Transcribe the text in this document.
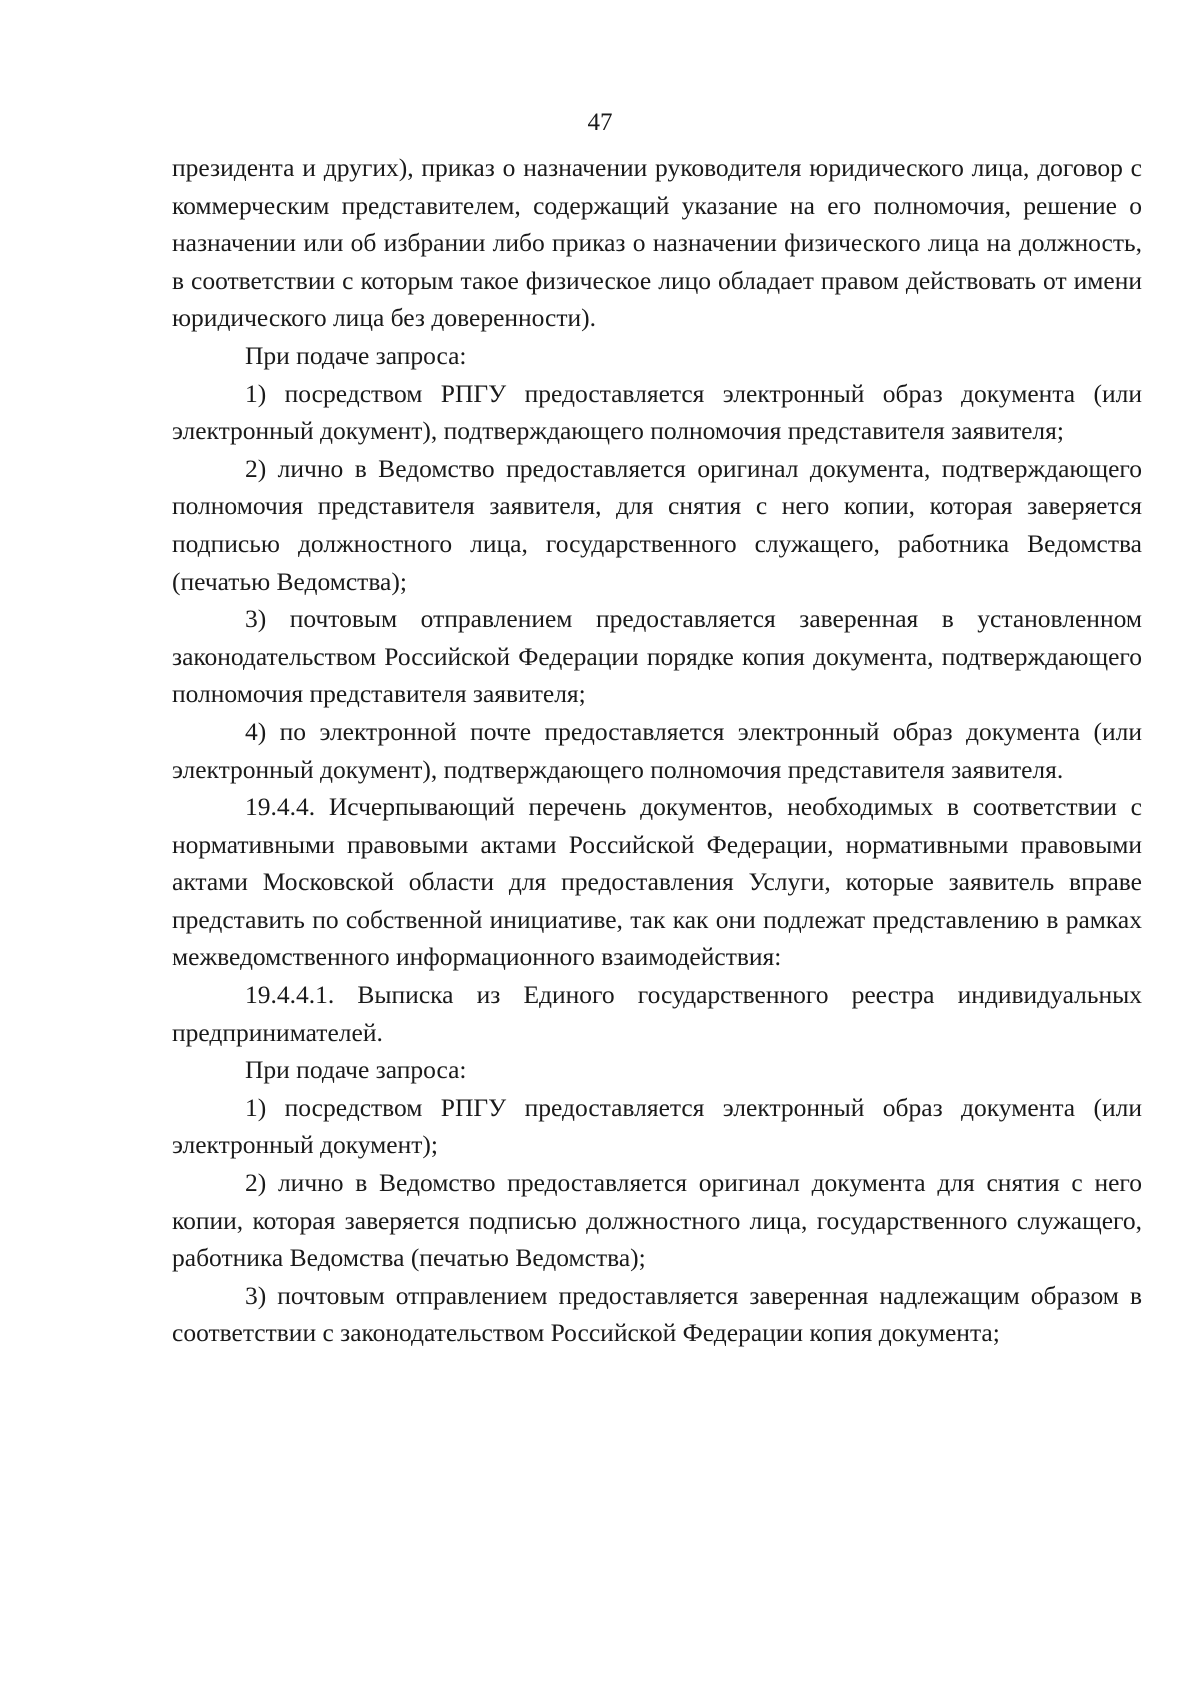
47

президента и других), приказ о назначении руководителя юридического лица, договор с коммерческим представителем, содержащий указание на его полномочия, решение о назначении или об избрании либо приказ о назначении физического лица на должность, в соответствии с которым такое физическое лицо обладает правом действовать от имени юридического лица без доверенности).

При подаче запроса:

1) посредством РПГУ предоставляется электронный образ документа (или электронный документ), подтверждающего полномочия представителя заявителя;

2) лично в Ведомство предоставляется оригинал документа, подтверждающего полномочия представителя заявителя, для снятия с него копии, которая заверяется подписью должностного лица, государственного служащего, работника Ведомства (печатью Ведомства);

3) почтовым отправлением предоставляется заверенная в установленном законодательством Российской Федерации порядке копия документа, подтверждающего полномочия представителя заявителя;

4) по электронной почте предоставляется электронный образ документа (или электронный документ), подтверждающего полномочия представителя заявителя.

19.4.4. Исчерпывающий перечень документов, необходимых в соответствии с нормативными правовыми актами Российской Федерации, нормативными правовыми актами Московской области для предоставления Услуги, которые заявитель вправе представить по собственной инициативе, так как они подлежат представлению в рамках межведомственного информационного взаимодействия:

19.4.4.1. Выписка из Единого государственного реестра индивидуальных предпринимателей.

При подаче запроса:

1) посредством РПГУ предоставляется электронный образ документа (или электронный документ);

2) лично в Ведомство предоставляется оригинал документа для снятия с него копии, которая заверяется подписью должностного лица, государственного служащего, работника Ведомства (печатью Ведомства);

3) почтовым отправлением предоставляется заверенная надлежащим образом в соответствии с законодательством Российской Федерации копия документа;
